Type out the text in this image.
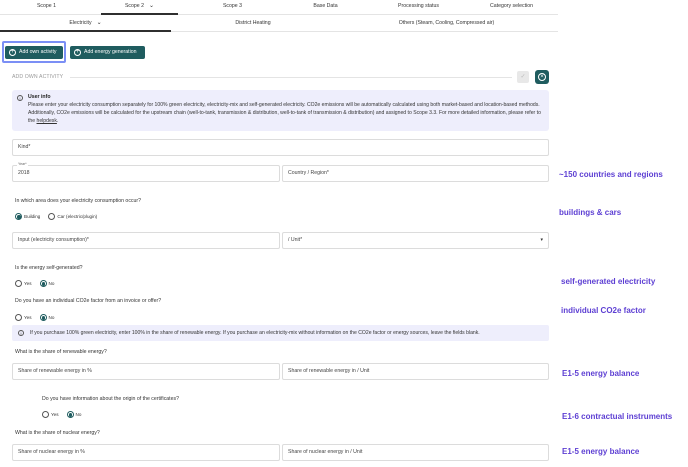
Scope 1	Scope 2 ⌄	Scope 3	Base Data	Processing status	Category selection
Electricity ⌄	District Heating	Others (Steam, Cooling, Compressed air)
+ Add own activity	+ Add energy generation
ADD OWN ACTIVITY	✓	×
i	User info
Please enter your electricity consumption separately for 100% green electricity, electricity-mix and self-generated electricity. CO2e emissions will be automatically calculated using both market-based and location-based methods. Additionally, CO2e emissions will be calculated for the upstream chain (well-to-tank, transmission & distribution, well-to-tank of transmission & distribution) and assigned to Scope 3.3. For more detailed information, please refer to the helpdesk.
Kind*
Year*
2018	Country / Region*
In which area does your electricity consumption occur?
Building	Car (electric/plugin)
Input (electricity consumption)*	/ Unit*	▾
Is the energy self-generated?
Yes	No
Do you have an individual CO2e factor from an invoice or offer?
Yes	No
i	If you purchase 100% green electricity, enter 100% in the share of renewable energy. If you purchase an electricity-mix without information on the CO2e factor or energy sources, leave the fields blank.
What is the share of renewable energy?
Share of renewable energy in %	Share of renewable energy in / Unit
Do you have information about the origin of the certificates?
Yes	No
What is the share of nuclear energy?
Share of nuclear energy in %	Share of nuclear energy in / Unit
~150 countries and regions
buildings & cars
self-generated electricity
individual CO2e factor
E1-5 energy balance
E1-6 contractual instruments
E1-5 energy balance
